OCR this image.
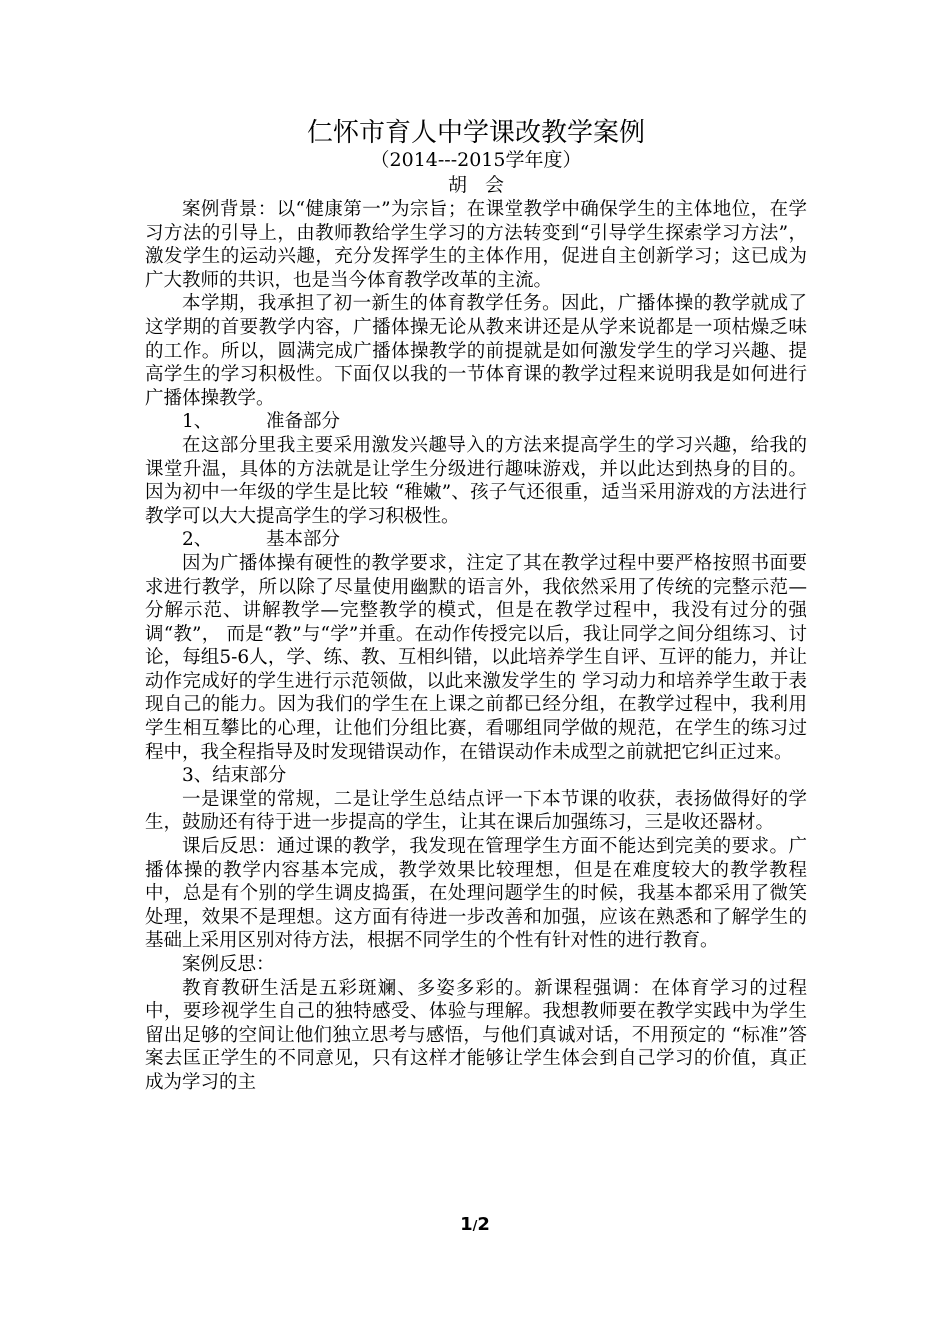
仁怀市育人中学课改教学案例

（2014---2015学年度）

胡会

案例背景：以“健康第一”为宗旨；在课堂教学中确保学生的主体地位，在学习方法的引导上，由教师教给学生学习的方法转变到“引导学生探索学习方法”，激发学生的运动兴趣，充分发挥学生的主体作用，促进自主创新学习；这已成为广大教师的共识，也是当今体育教学改革的主流。

本学期，我承担了初一新生的体育教学任务。因此，广播体操的教学就成了这学期的首要教学内容，广播体操无论从教来讲还是从学来说都是一项枯燥乏味的工作。所以，圆满完成广播体操教学的前提就是如何激发学生的学习兴趣、提高学生的学习积极性。下面仅以我的一节体育课的教学过程来说明我是如何进行广播体操教学。

1、	准备部分

在这部分里我主要采用激发兴趣导入的方法来提高学生的学习兴趣，给我的课堂升温，具体的方法就是让学生分级进行趣味游戏，并以此达到热身的目的。因为初中一年级的学生是比较 “稚嫩”、孩子气还很重，适当采用游戏的方法进行教学可以大大提高学生的学习积极性。

2、	基本部分

因为广播体操有硬性的教学要求，注定了其在教学过程中要严格按照书面要求进行教学，所以除了尽量使用幽默的语言外，我依然采用了传统的完整示范—分解示范、讲解教学—完整教学的模式，但是在教学过程中，我没有过分的强调“教”， 而是“教”与“学”并重。在动作传授完以后，我让同学之间分组练习、讨论，每组5-6人，学、练、教、互相纠错，以此培养学生自评、互评的能力，并让动作完成好的学生进行示范领做，以此来激发学生的 学习动力和培养学生敢于表现自己的能力。因为我们的学生在上课之前都已经分组，在教学过程中，我利用学生相互攀比的心理，让他们分组比赛，看哪组同学做的规范，在学生的练习过程中，我全程指导及时发现错误动作，在错误动作未成型之前就把它纠正过来。

3、结束部分

一是课堂的常规，二是让学生总结点评一下本节课的收获，表扬做得好的学生，鼓励还有待于进一步提高的学生，让其在课后加强练习，三是收还器材。

课后反思：通过课的教学，我发现在管理学生方面不能达到完美的要求。广播体操的教学内容基本完成，教学效果比较理想，但是在难度较大的教学教程中，总是有个别的学生调皮捣蛋，在处理问题学生的时候，我基本都采用了微笑处理，效果不是理想。这方面有待进一步改善和加强，应该在熟悉和了解学生的基础上采用区别对待方法，根据不同学生的个性有针对性的进行教育。

案例反思：

教育教研生活是五彩斑斓、多姿多彩的。新课程强调：在体育学习的过程中，要珍视学生自己的独特感受、体验与理解。我想教师要在教学实践中为学生留出足够的空间让他们独立思考与感悟，与他们真诚对话，不用预定的 “标准”答案去匡正学生的不同意见，只有这样才能够让学生体会到自己学习的价值，真正成为学习的主

1/2
